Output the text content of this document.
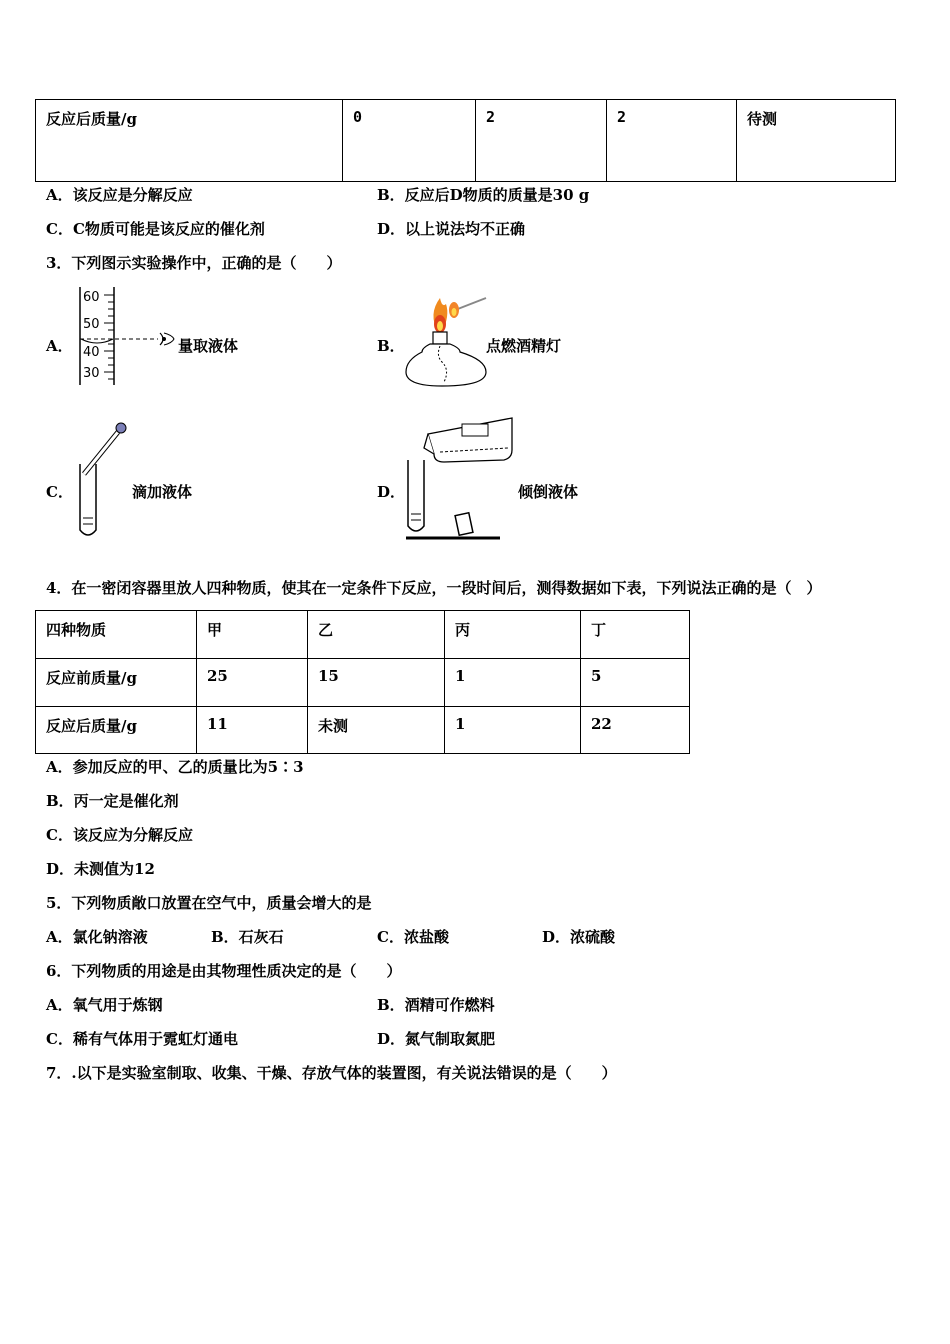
反应后质量/g	0	2	2	待测
A．该反应是分解反应	B．反应后D物质的质量是30 g
C．C物质可能是该反应的催化剂	D．以上说法均不正确
3．下列图示实验操作中，正确的是（　　）
A．
60
50
40
30
量取液体	B．	点燃酒精灯
C．	滴加液体	D．	倾倒液体
4．在一密闭容器里放人四种物质，使其在一定条件下反应，一段时间后，测得数据如下表，下列说法正确的是（　）
四种物质	甲	乙	丙	丁
反应前质量/g	25	15	1	5
反应后质量/g	11	未测	1	22
A．参加反应的甲、乙的质量比为5∶3
B．丙一定是催化剂
C．该反应为分解反应
D．未测值为12
5．下列物质敞口放置在空气中，质量会增大的是
A．氯化钠溶液	B．石灰石	C．浓盐酸	D．浓硫酸
6．下列物质的用途是由其物理性质决定的是（　　）
A．氧气用于炼钢	B．酒精可作燃料
C．稀有气体用于霓虹灯通电	D．氮气制取氮肥
7．.以下是实验室制取、收集、干燥、存放气体的装置图，有关说法错误的是（　　）
